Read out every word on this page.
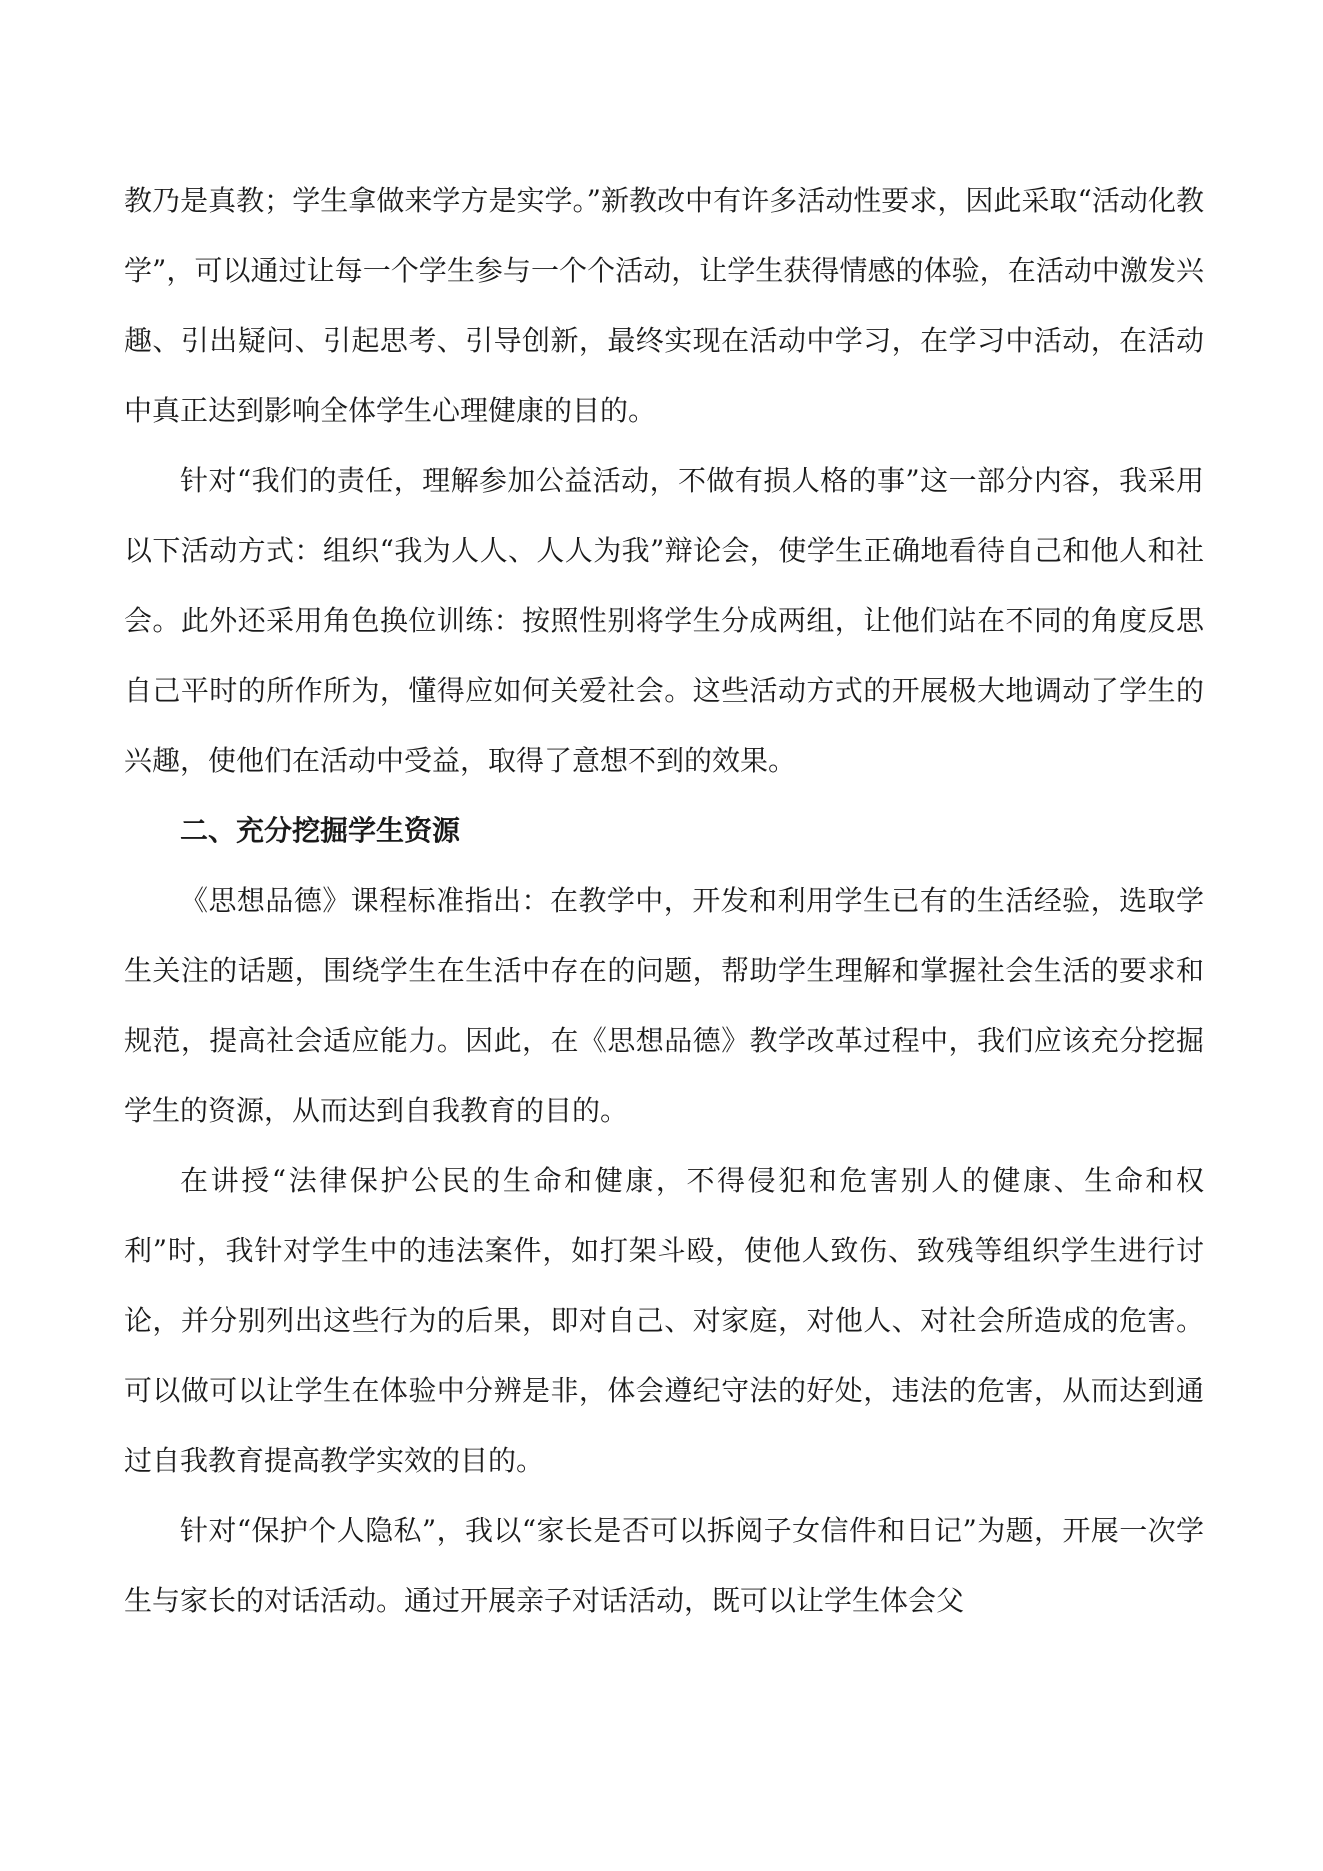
教乃是真教；学生拿做来学方是实学。”新教改中有许多活动性要求，因此采取“活动化教学”，可以通过让每一个学生参与一个个活动，让学生获得情感的体验，在活动中激发兴趣、引出疑问、引起思考、引导创新，最终实现在活动中学习，在学习中活动，在活动中真正达到影响全体学生心理健康的目的。

针对“我们的责任，理解参加公益活动，不做有损人格的事”这一部分内容，我采用以下活动方式：组织“我为人人、人人为我”辩论会，使学生正确地看待自己和他人和社会。此外还采用角色换位训练：按照性别将学生分成两组，让他们站在不同的角度反思自己平时的所作所为，懂得应如何关爱社会。这些活动方式的开展极大地调动了学生的兴趣，使他们在活动中受益，取得了意想不到的效果。

二、充分挖掘学生资源

《思想品德》课程标准指出：在教学中，开发和利用学生已有的生活经验，选取学生关注的话题，围绕学生在生活中存在的问题，帮助学生理解和掌握社会生活的要求和规范，提高社会适应能力。因此，在《思想品德》教学改革过程中，我们应该充分挖掘学生的资源，从而达到自我教育的目的。

在讲授“法律保护公民的生命和健康，不得侵犯和危害别人的健康、生命和权利”时，我针对学生中的违法案件，如打架斗殴，使他人致伤、致残等组织学生进行讨论，并分别列出这些行为的后果，即对自己、对家庭，对他人、对社会所造成的危害。可以做可以让学生在体验中分辨是非，体会遵纪守法的好处，违法的危害，从而达到通过自我教育提高教学实效的目的。

针对“保护个人隐私”，我以“家长是否可以拆阅子女信件和日记”为题，开展一次学生与家长的对话活动。通过开展亲子对话活动，既可以让学生体会父
